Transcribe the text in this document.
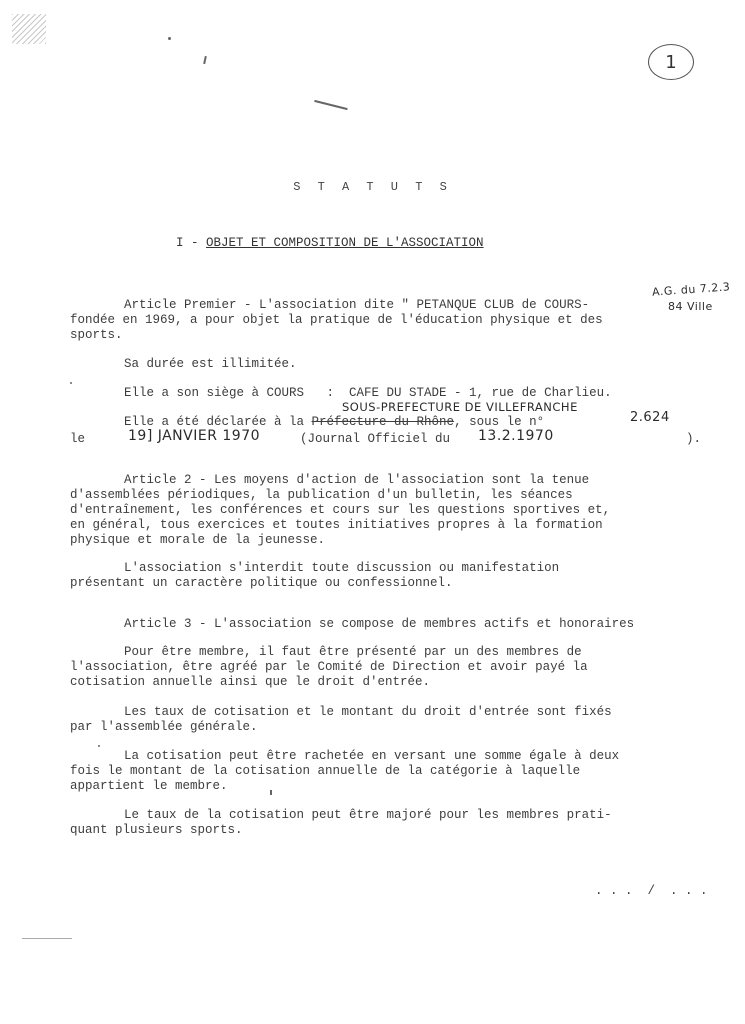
1
S T A T U T S
I - OBJET ET COMPOSITION DE L'ASSOCIATION
A.G. du 7.2.3
84 Ville
Article Premier - L'association dite " PETANQUE CLUB de COURS-
fondée en 1969, a pour objet la pratique de l'éducation physique et des
sports.
Sa durée est illimitée.
Elle a son siège à COURS   :  CAFE DU STADE - 1, rue de Charlieu.
SOUS-PREFECTURE DE VILLEFRANCHE
Elle a été déclarée à la Préfecture du Rhône, sous le n°	2.624
le	19] JANVIER 1970	(Journal Officiel du 13.2.1970	).
Article 2 - Les moyens d'action de l'association sont la tenue
d'assemblées périodiques, la publication d'un bulletin, les séances
d'entraînement, les conférences et cours sur les questions sportives et,
en général, tous exercices et toutes initiatives propres à la formation
physique et morale de la jeunesse.
L'association s'interdit toute discussion ou manifestation
présentant un caractère politique ou confessionnel.
Article 3 - L'association se compose de membres actifs et honoraires
Pour être membre, il faut être présenté par un des membres de
l'association, être agréé par le Comité de Direction et avoir payé la
cotisation annuelle ainsi que le droit d'entrée.
Les taux de cotisation et le montant du droit d'entrée sont fixés
par l'assemblée générale.
La cotisation peut être rachetée en versant une somme égale à deux
fois le montant de la cotisation annuelle de la catégorie à laquelle
appartient le membre.
Le taux de la cotisation peut être majoré pour les membres prati-
quant plusieurs sports.
. . .  /  . . .
